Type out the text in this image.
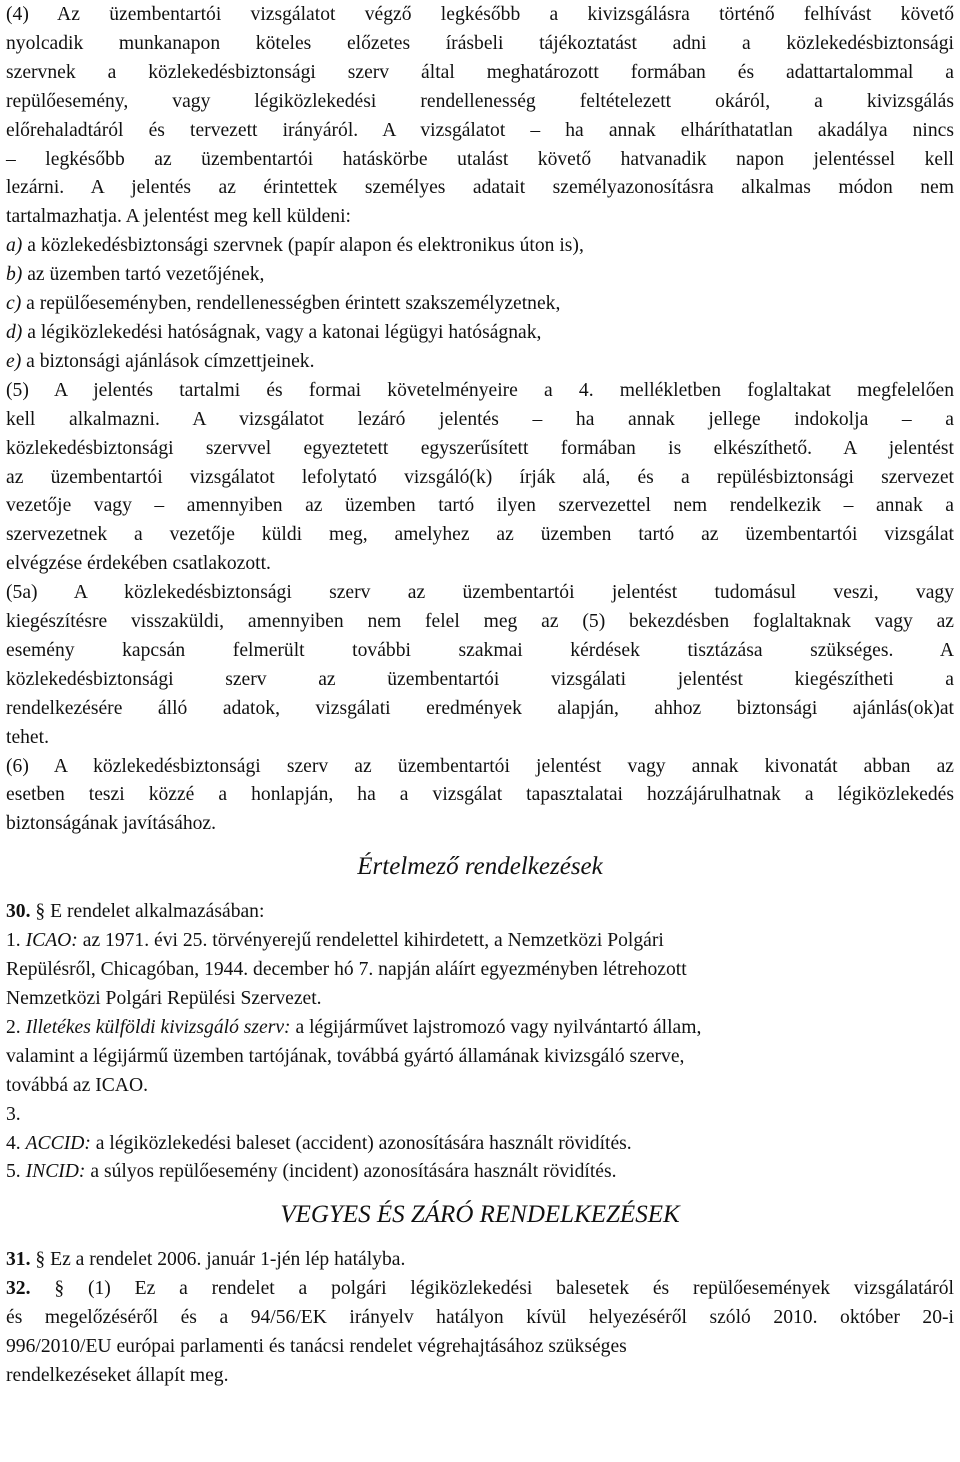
(4) Az üzembentartói vizsgálatot végző legkésőbb a kivizsgálásra történő felhívást követő
nyolcadik munkanapon köteles előzetes írásbeli tájékoztatást adni a közlekedésbiztonsági
szervnek a közlekedésbiztonsági szerv által meghatározott formában és adattartalommal a
repülőesemény, vagy légiközlekedési rendellenesség feltételezett okáról, a kivizsgálás
előrehaladtáról és tervezett irányáról. A vizsgálatot – ha annak elháríthatatlan akadálya nincs
– legkésőbb az üzembentartói hatáskörbe utalást követő hatvanadik napon jelentéssel kell
lezárni. A jelentés az érintettek személyes adatait személyazonosításra alkalmas módon nem
tartalmazhatja. A jelentést meg kell küldeni:
a) a közlekedésbiztonsági szervnek (papír alapon és elektronikus úton is),
b) az üzemben tartó vezetőjének,
c) a repülőeseményben, rendellenességben érintett szakszemélyzetnek,
d) a légiközlekedési hatóságnak, vagy a katonai légügyi hatóságnak,
e) a biztonsági ajánlások címzettjeinek.
(5) A jelentés tartalmi és formai követelményeire a 4. mellékletben foglaltakat megfelelően
kell alkalmazni. A vizsgálatot lezáró jelentés – ha annak jellege indokolja – a
közlekedésbiztonsági szervvel egyeztetett egyszerűsített formában is elkészíthető. A jelentést
az üzembentartói vizsgálatot lefolytató vizsgáló(k) írják alá, és a repülésbiztonsági szervezet
vezetője vagy – amennyiben az üzemben tartó ilyen szervezettel nem rendelkezik – annak a
szervezetnek a vezetője küldi meg, amelyhez az üzemben tartó az üzembentartói vizsgálat
elvégzése érdekében csatlakozott.
(5a) A közlekedésbiztonsági szerv az üzembentartói jelentést tudomásul veszi, vagy
kiegészítésre visszaküldi, amennyiben nem felel meg az (5) bekezdésben foglaltaknak vagy az
esemény kapcsán felmerült további szakmai kérdések tisztázása szükséges. A
közlekedésbiztonsági szerv az üzembentartói vizsgálati jelentést kiegészítheti a
rendelkezésére álló adatok, vizsgálati eredmények alapján, ahhoz biztonsági ajánlás(ok)at
tehet.
(6) A közlekedésbiztonsági szerv az üzembentartói jelentést vagy annak kivonatát abban az
esetben teszi közzé a honlapján, ha a vizsgálat tapasztalatai hozzájárulhatnak a légiközlekedés
biztonságának javításához.
Értelmező rendelkezések
30. § E rendelet alkalmazásában:
1. ICAO: az 1971. évi 25. törvényerejű rendelettel kihirdetett, a Nemzetközi Polgári
Repülésről, Chicagóban, 1944. december hó 7. napján aláírt egyezményben létrehozott
Nemzetközi Polgári Repülési Szervezet.
2. Illetékes külföldi kivizsgáló szerv: a légijárművet lajstromozó vagy nyilvántartó állam,
valamint a légijármű üzemben tartójának, továbbá gyártó államának kivizsgáló szerve,
továbbá az ICAO.
3.
4. ACCID: a légiközlekedési baleset (accident) azonosítására használt rövidítés.
5. INCID: a súlyos repülőesemény (incident) azonosítására használt rövidítés.
VEGYES ÉS ZÁRÓ RENDELKEZÉSEK
31. § Ez a rendelet 2006. január 1-jén lép hatályba.
32. § (1) Ez a rendelet a polgári légiközlekedési balesetek és repülőesemények vizsgálatáról
és megelőzéséről és a 94/56/EK irányelv hatályon kívül helyezéséről szóló 2010. október 20-i
996/2010/EU európai parlamenti és tanácsi rendelet végrehajtásához szükséges
rendelkezéseket állapít meg.
